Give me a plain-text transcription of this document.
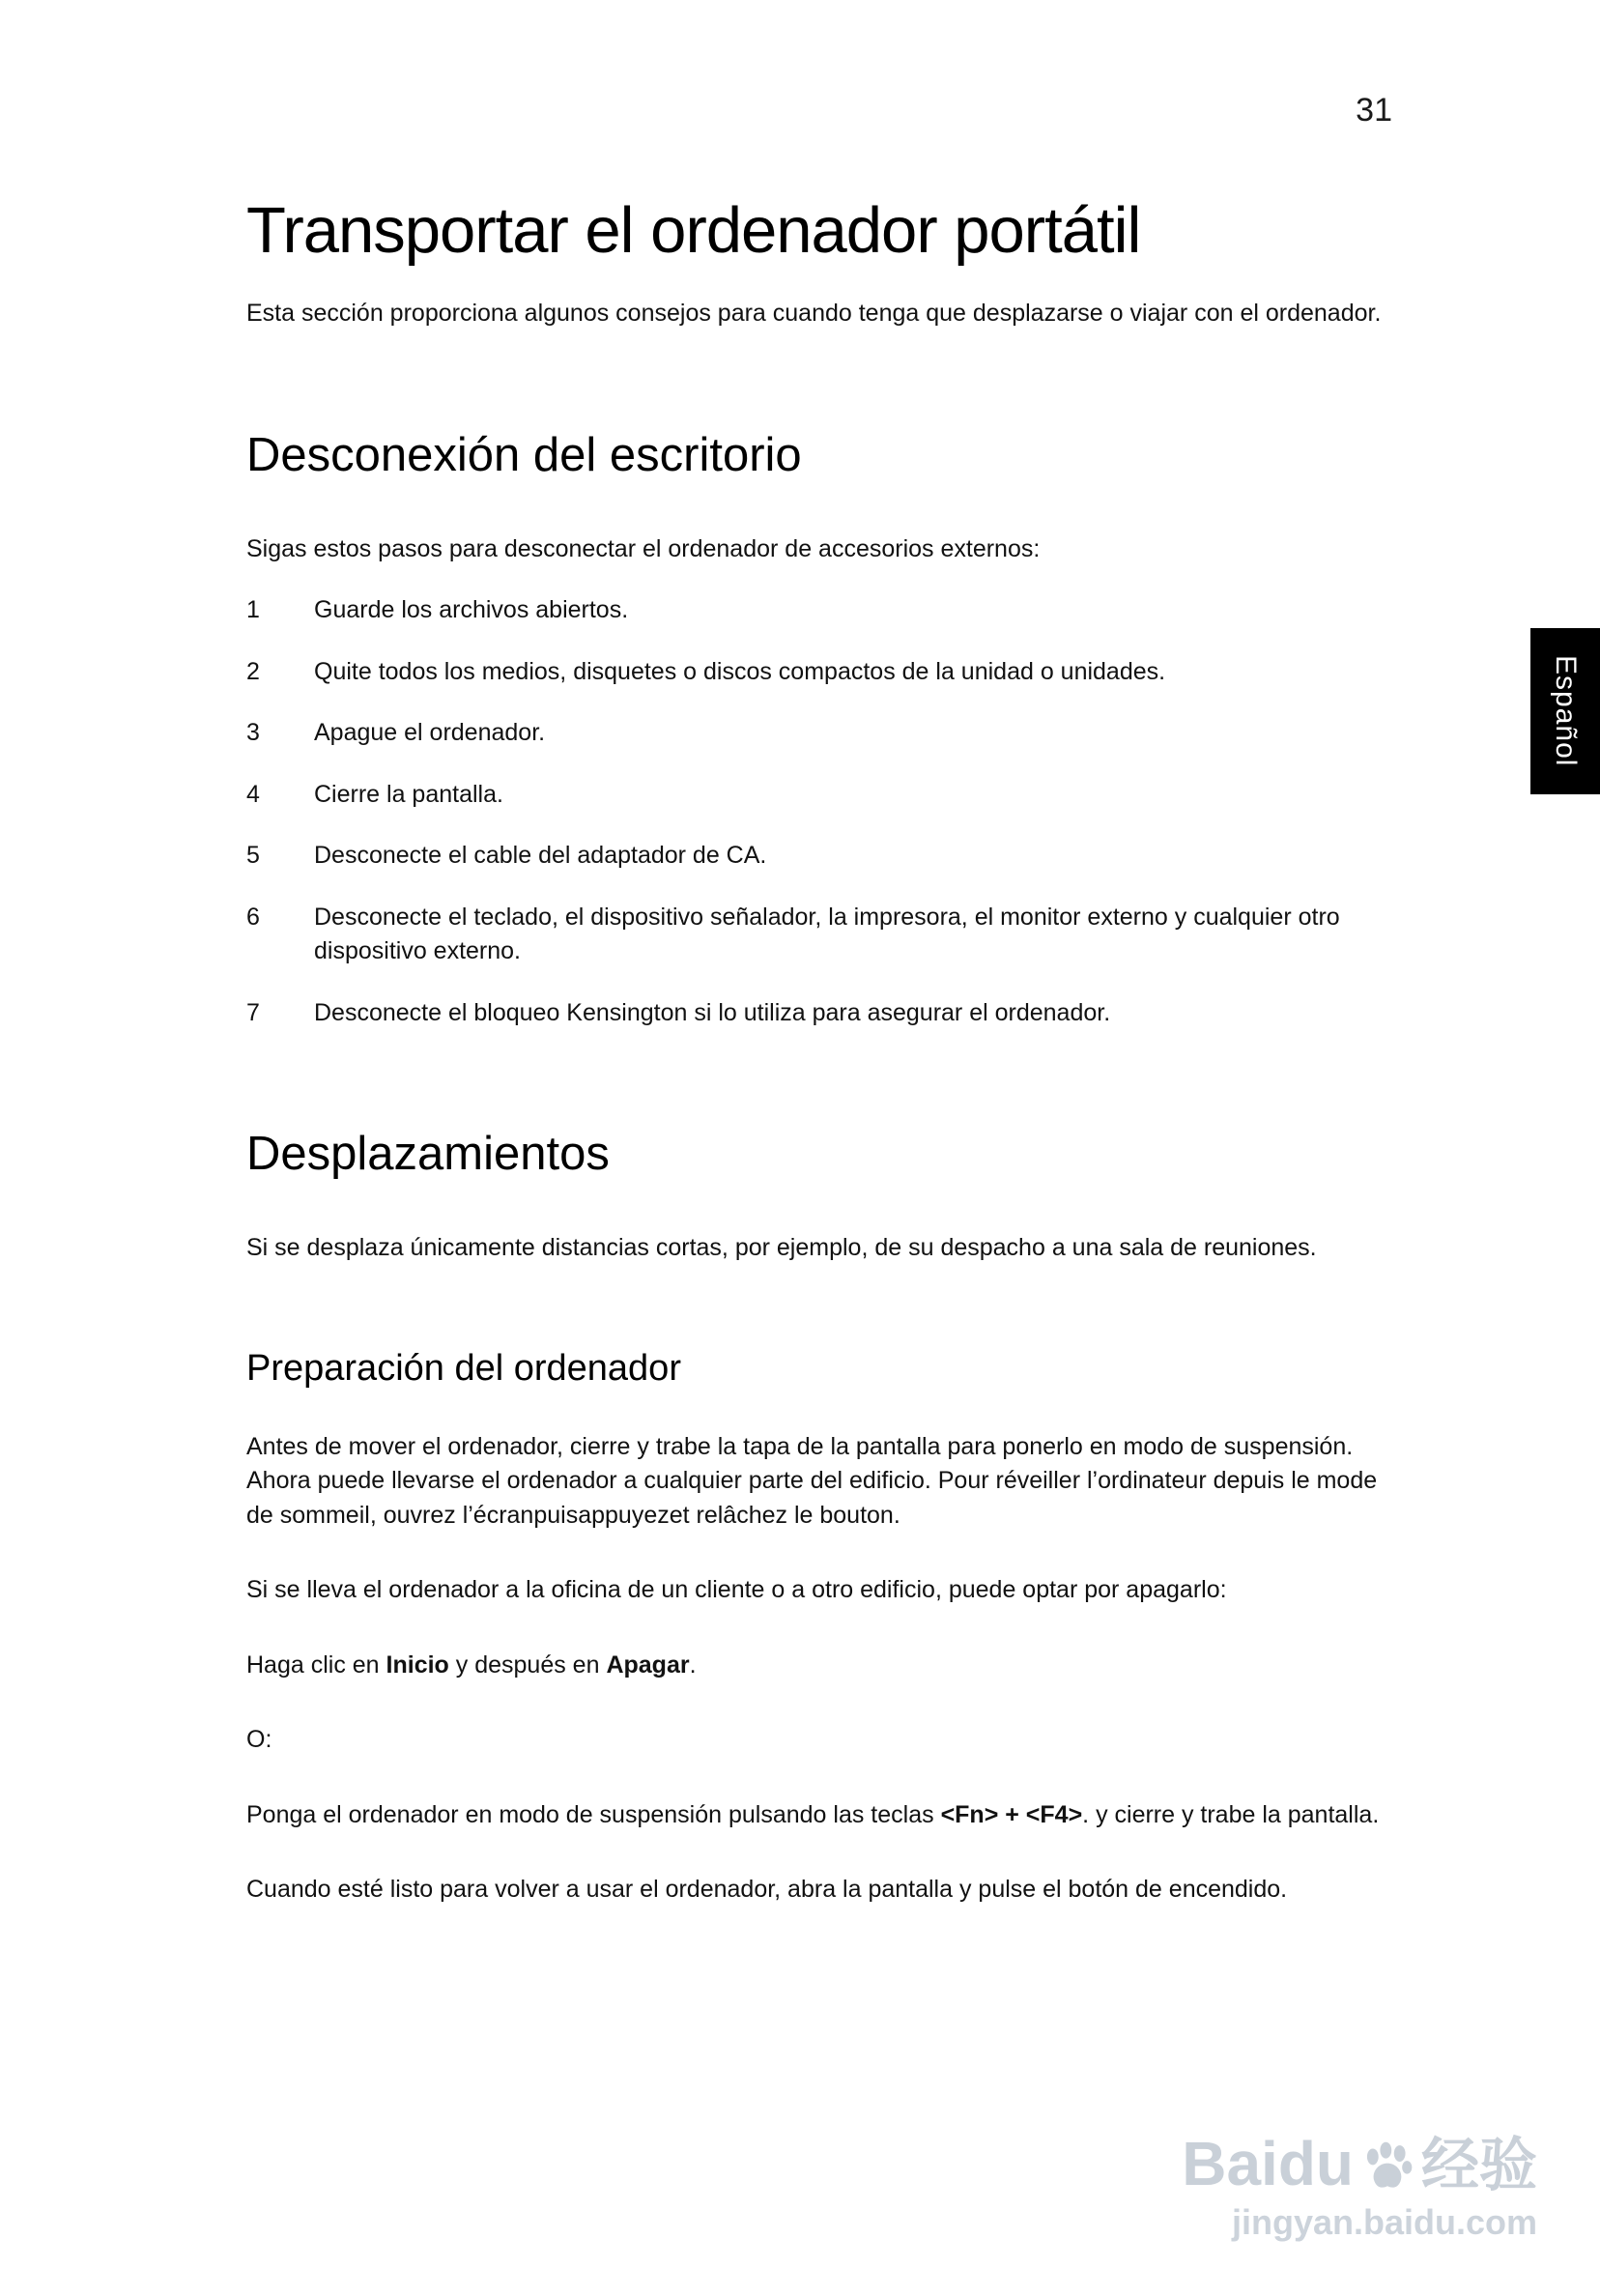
31
Español
Transportar el ordenador portátil

Esta sección proporciona algunos consejos para cuando tenga que desplazarse o viajar con el ordenador.

Desconexión del escritorio

Sigas estos pasos para desconectar el ordenador de accesorios externos:

1	Guarde los archivos abiertos.
2	Quite todos los medios, disquetes o discos compactos de la unidad o unidades.
3	Apague el ordenador.
4	Cierre la pantalla.
5	Desconecte el cable del adaptador de CA.
6	Desconecte el teclado, el dispositivo señalador, la impresora, el monitor externo y cualquier otro dispositivo externo.
7	Desconecte el bloqueo Kensington si lo utiliza para asegurar el ordenador.
Desplazamientos

Si se desplaza únicamente distancias cortas, por ejemplo, de su despacho a una sala de reuniones.

Preparación del ordenador

Antes de mover el ordenador, cierre y trabe la tapa de la pantalla para ponerlo en modo de suspensión. Ahora puede llevarse el ordenador a cualquier parte del edificio. Pour réveiller l’ordinateur depuis le mode de sommeil, ouvrez l’écranpuisappuyezet relâchez le bouton.

Si se lleva el ordenador a la oficina de un cliente o a otro edificio, puede optar por apagarlo:

Haga clic en Inicio y después en Apagar.

O:

Ponga el ordenador en modo de suspensión pulsando las teclas <Fn> + <F4>. y cierre y trabe la pantalla.

Cuando esté listo para volver a usar el ordenador, abra la pantalla y pulse el botón de encendido.

Baidu 经验
jingyan.baidu.com
